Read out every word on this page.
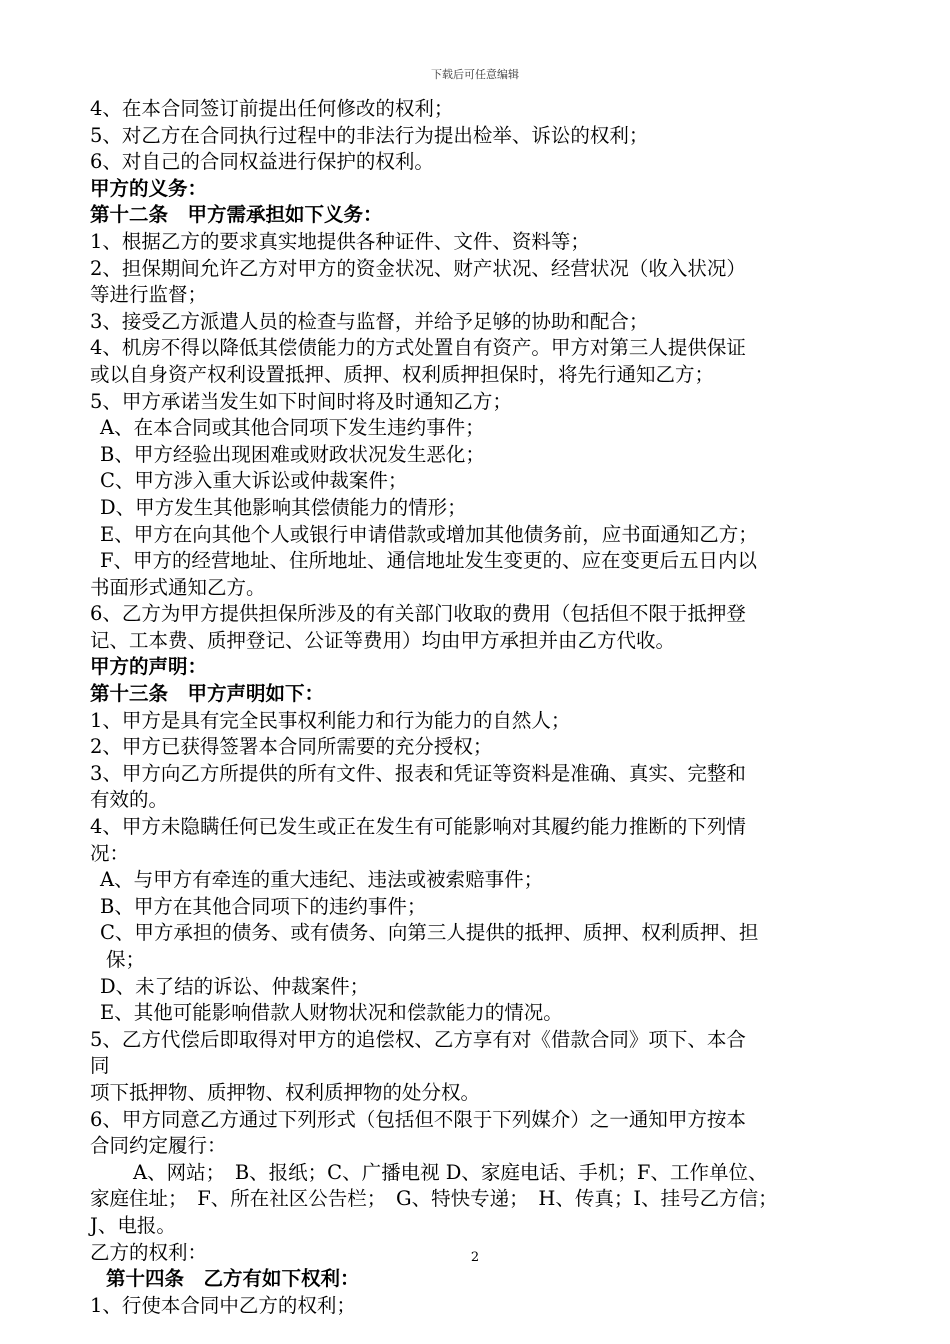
下载后可任意编辑
4、在本合同签订前提出任何修改的权利；
5、对乙方在合同执行过程中的非法行为提出检举、诉讼的权利；
6、对自己的合同权益进行保护的权利。
甲方的义务：
第十二条　甲方需承担如下义务：
1、根据乙方的要求真实地提供各种证件、文件、资料等；
2、担保期间允许乙方对甲方的资金状况、财产状况、经营状况（收入状况）
等进行监督；
3、接受乙方派遣人员的检查与监督，并给予足够的协助和配合；
4、机房不得以降低其偿债能力的方式处置自有资产。甲方对第三人提供保证
或以自身资产权利设置抵押、质押、权利质押担保时，将先行通知乙方；
5、甲方承诺当发生如下时间时将及时通知乙方；
A、在本合同或其他合同项下发生违约事件；
B、甲方经验出现困难或财政状况发生恶化；
C、甲方涉入重大诉讼或仲裁案件；
D、甲方发生其他影响其偿债能力的情形；
E、甲方在向其他个人或银行申请借款或增加其他债务前，应书面通知乙方；
F、甲方的经营地址、住所地址、通信地址发生变更的、应在变更后五日内以
书面形式通知乙方。
6、乙方为甲方提供担保所涉及的有关部门收取的费用（包括但不限于抵押登
记、工本费、质押登记、公证等费用）均由甲方承担并由乙方代收。
甲方的声明：
第十三条　甲方声明如下：
1、甲方是具有完全民事权利能力和行为能力的自然人；
2、甲方已获得签署本合同所需要的充分授权；
3、甲方向乙方所提供的所有文件、报表和凭证等资料是准确、真实、完整和
有效的。
4、甲方未隐瞒任何已发生或正在发生有可能影响对其履约能力推断的下列情
况：
A、与甲方有牵连的重大违纪、违法或被索赔事件；
B、甲方在其他合同项下的违约事件；
C、甲方承担的债务、或有债务、向第三人提供的抵押、质押、权利质押、担
保；
D、未了结的诉讼、仲裁案件；
E、其他可能影响借款人财物状况和偿款能力的情况。
5、乙方代偿后即取得对甲方的追偿权、乙方享有对《借款合同》项下、本合
同
项下抵押物、质押物、权利质押物的处分权。
6、甲方同意乙方通过下列形式（包括但不限于下列媒介）之一通知甲方按本
合同约定履行：
A、网站；　B、报纸；C、广播电视 D、家庭电话、手机；F、工作单位、
家庭住址；　F、所在社区公告栏；　G、特快专递；　H、传真；I、挂号乙方信；
J、电报。
乙方的权利：
第十四条　乙方有如下权利：
1、行使本合同中乙方的权利；
2
